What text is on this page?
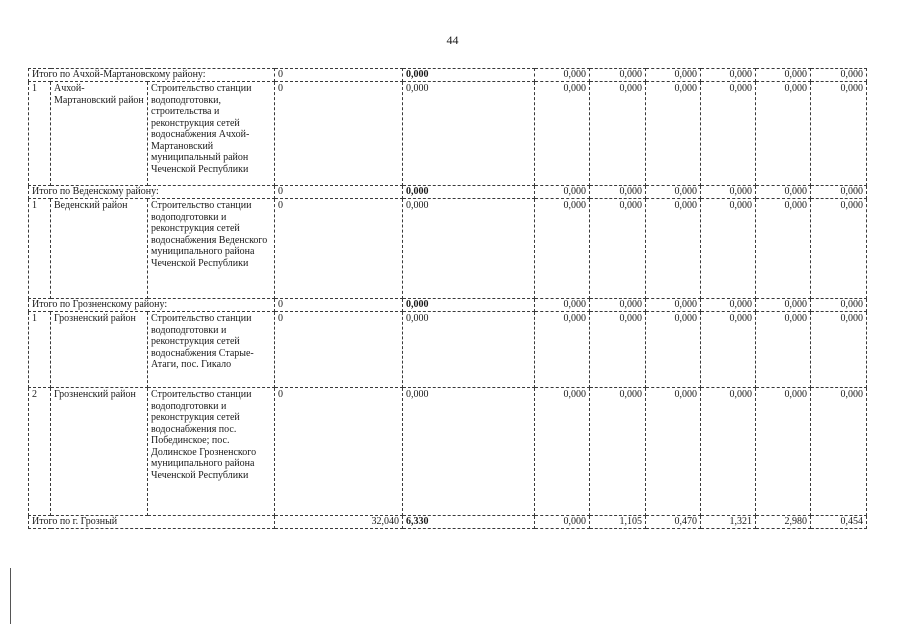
44
Итого по Ачхой-Мартановскому району:			0	0,000	0,000	0,000	0,000	0,000	0,000	0,000
1	Ачхой-Мартановский район	Строительство станции водоподготовки, строительства и реконструкция сетей водоснабжения Ачхой-Мартановский муниципальный район Чеченской Республики	0	0,000	0,000	0,000	0,000	0,000	0,000	0,000
Итого по Веденскому району:			0	0,000	0,000	0,000	0,000	0,000	0,000	0,000
1	Веденский район	Строительство станции водоподготовки и реконструкция сетей водоснабжения Веденского муниципального района Чеченской Республики	0	0,000	0,000	0,000	0,000	0,000	0,000	0,000
Итого по Грозненскому району:			0	0,000	0,000	0,000	0,000	0,000	0,000	0,000
1	Грозненский район	Строительство станции водоподготовки и реконструкция сетей водоснабжения Старые-Атаги, пос. Гикало	0	0,000	0,000	0,000	0,000	0,000	0,000	0,000
2	Грозненский район	Строительство станции водоподготовки и реконструкция сетей водоснабжения пос. Побединское; пос. Долинское Грозненского муниципального района Чеченской Республики	0	0,000	0,000	0,000	0,000	0,000	0,000	0,000
Итого по г. Грозный			32,040	6,330	0,000	1,105	0,470	1,321	2,980	0,454
